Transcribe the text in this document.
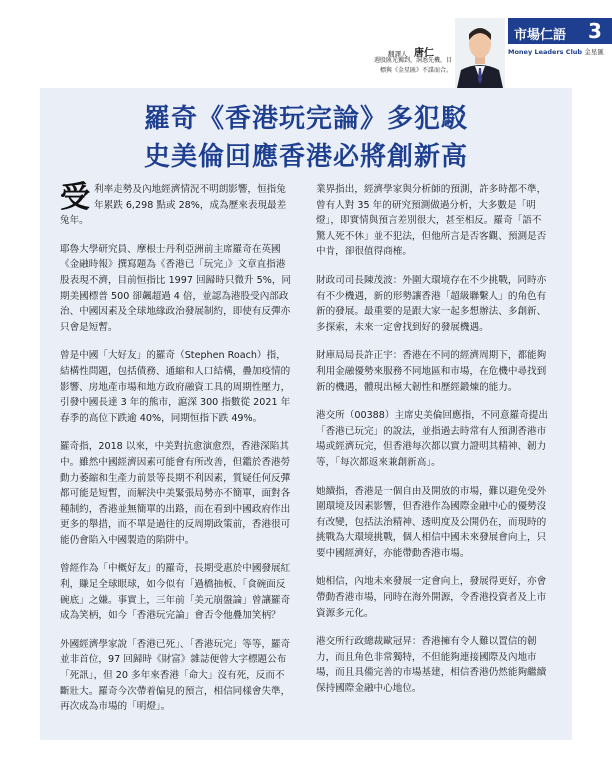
翻譯人 唐仁
週股匯光獨到，洞悉先機，目
標與《金星匯》不謀而合。
市場仁語 3
Money Leaders Club 金星匯
羅奇《香港玩完論》多犯駁
史美倫回應香港必將創新高

受 利率走勢及內地經濟情況不明朗影響，恒指兔年累跌 6,298 點或 28%，成為歷來表現最差兔年。

耶魯大學研究員、摩根士丹利亞洲前主席羅奇在英國《金融時報》撰寫題為《香港已「玩完」》文章直指港股表現不濟，目前恒指比 1997 回歸時只微升 5%，同期美國標普 500 卻飆超過 4 倍，並認為港股受內部政治、中國因素及全球地緣政治發展制約，即使有反彈亦只會是短暫。

曾是中國「大好友」的羅奇（Stephen Roach）指，結構性問題，包括債務、通縮和人口結構，疊加疫情的影響、房地產市場和地方政府融資工具的周期性壓力，引發中國長達 3 年的熊市，滬深 300 指數從 2021 年春季的高位下跌逾 40%，同期恒指下跌 49%。

羅奇指，2018 以來，中美對抗愈演愈烈，香港深陷其中。雖然中國經濟因素可能會有所改善，但鑑於香港勞動力萎縮和生產力前景等長期不利因素，質疑任何反彈都可能是短暫，而解決中美緊張局勢亦不簡單，面對各種制約，香港並無簡單的出路，而在看到中國政府作出更多的舉措，而不單是過往的反周期政策前，香港很可能仍會陷入中國製造的陷阱中。

曾經作為「中概好友」的羅奇，長期受惠於中國發展紅利，賺足全球眼球，如今似有「過橋抽板、「食碗面反碗底」之嫌。事實上，三年前「美元崩盤論」曾讓羅奇成為笑柄，如今「香港玩完論」會否令他疊加笑柄？

外國經濟學家說「香港已死」、「香港玩完」等等，羅奇並非首位，97 回歸時《財富》雜誌便曾大字標題公布「死訊」，但 20 多年來香港「命大」沒有死，反而不斷壯大。羅奇今次帶着偏見的預言，相信同樣會失準，再次成為市場的「明燈」。

業界指出，經濟學家與分析師的預測，許多時都不準，曾有人對 35 年的研究預測做過分析，大多數是「明燈」，即實情與預言差別很大，甚至相反。羅奇「語不驚人死不休」並不犯法，但他所言是否客觀、預測是否中肯，卻很值得商榷。

財政司司長陳茂波：外圍大環境存在不少挑戰，同時亦有不少機遇，新的形勢讓香港「超級聯繫人」的角色有新的發展。最重要的是跟大家一起多想辦法、多創新、多探索，未來一定會找到好的發展機遇。

財庫局局長許正宇：香港在不同的經濟周期下，都能夠利用金融優勢來服務不同地區和市場，在危機中尋找到新的機遇，體現出極大韌性和歷經鍛煉的能力。

港交所（00388）主席史美倫回應指，不同意羅奇提出「香港已玩完」的說法，並指過去時常有人預測香港市場或經濟玩完，但香港每次都以實力證明其精神、韌力等，「每次都返來兼創新高」。

她續指，香港是一個自由及開放的市場，難以避免受外圍環境及因素影響，但香港作為國際金融中心的優勢沒有改變，包括法治精神、透明度及公開仍在，而現時的挑戰為大環境挑戰，個人相信中國未來發展會向上，只要中國經濟好，亦能帶動香港市場。

她相信，內地未來發展一定會向上，發展得更好，亦會帶動香港市場，同時在海外開源，令香港投資者及上市資源多元化。

港交所行政總裁歐冠昇：香港擁有令人難以置信的韌力，而且角色非常獨特，不但能夠連接國際及內地市場，而且具備完善的市場基建，相信香港仍然能夠繼續保持國際金融中心地位。
